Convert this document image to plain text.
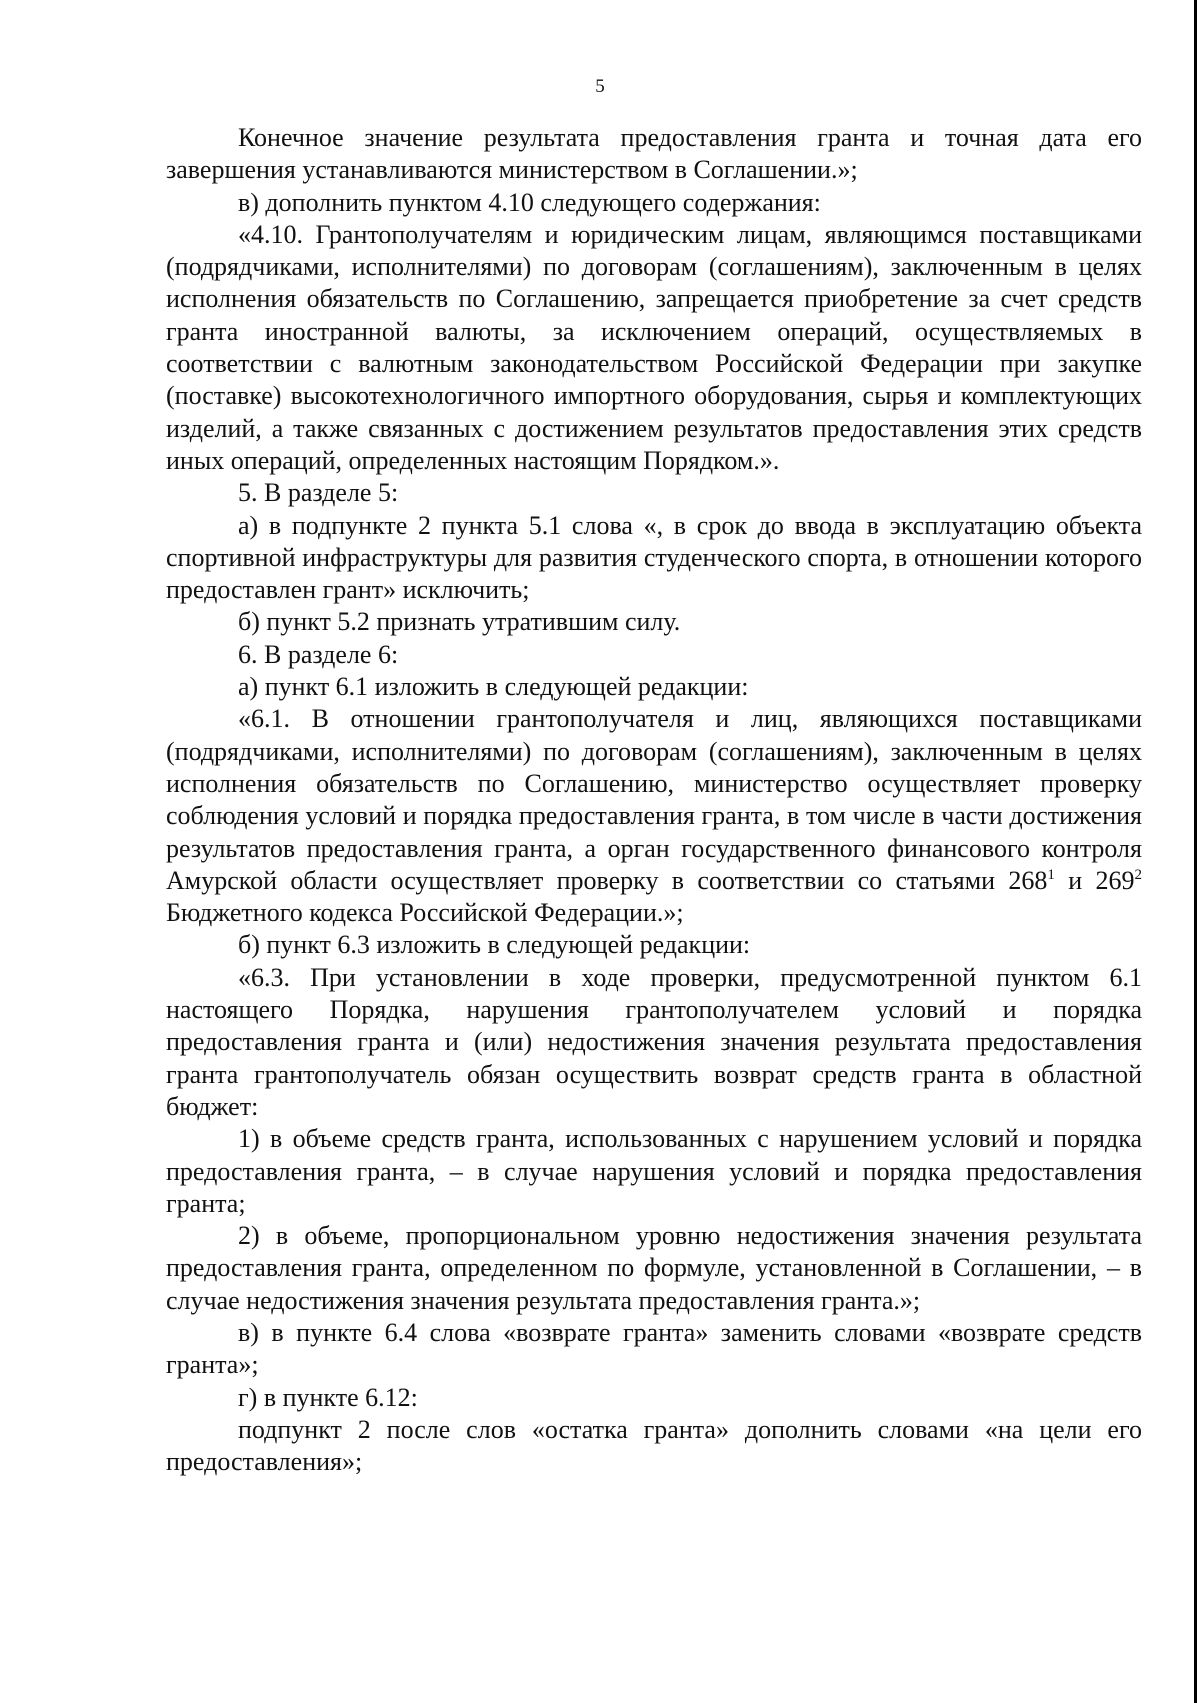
5

Конечное значение результата предоставления гранта и точная дата его завершения устанавливаются министерством в Соглашении.»;

в) дополнить пунктом 4.10 следующего содержания:

«4.10. Грантополучателям и юридическим лицам, являющимся поставщиками (подрядчиками, исполнителями) по договорам (соглашениям), заключенным в целях исполнения обязательств по Соглашению, запрещается приобретение за счет средств гранта иностранной валюты, за исключением операций, осуществляемых в соответствии с валютным законодательством Российской Федерации при закупке (поставке) высокотехнологичного импортного оборудования, сырья и комплектующих изделий, а также связанных с достижением результатов предоставления этих средств иных операций, определенных настоящим Порядком.».

5. В разделе 5:

а) в подпункте 2 пункта 5.1 слова «, в срок до ввода в эксплуатацию объекта спортивной инфраструктуры для развития студенческого спорта, в отношении которого предоставлен грант» исключить;

б) пункт 5.2 признать утратившим силу.

6. В разделе 6:

а) пункт 6.1 изложить в следующей редакции:

«6.1. В отношении грантополучателя и лиц, являющихся поставщиками (подрядчиками, исполнителями) по договорам (соглашениям), заключенным в целях исполнения обязательств по Соглашению, министерство осуществляет проверку соблюдения условий и порядка предоставления гранта, в том числе в части достижения результатов предоставления гранта, а орган государственного финансового контроля Амурской области осуществляет проверку в соответствии со статьями $268^1$ и $269^2$ Бюджетного кодекса Российской Федерации.»;

б) пункт 6.3 изложить в следующей редакции:

«6.3. При установлении в ходе проверки, предусмотренной пунктом 6.1 настоящего Порядка, нарушения грантополучателем условий и порядка предоставления гранта и (или) недостижения значения результата предоставления гранта грантополучатель обязан осуществить возврат средств гранта в областной бюджет:

1) в объеме средств гранта, использованных с нарушением условий и порядка предоставления гранта, – в случае нарушения условий и порядка предоставления гранта;

2) в объеме, пропорциональном уровню недостижения значения результата предоставления гранта, определенном по формуле, установленной в Соглашении, – в случае недостижения значения результата предоставления гранта.»;

в) в пункте 6.4 слова «возврате гранта» заменить словами «возврате средств гранта»;

г) в пункте 6.12:

подпункт 2 после слов «остатка гранта» дополнить словами «на цели его предоставления»;
